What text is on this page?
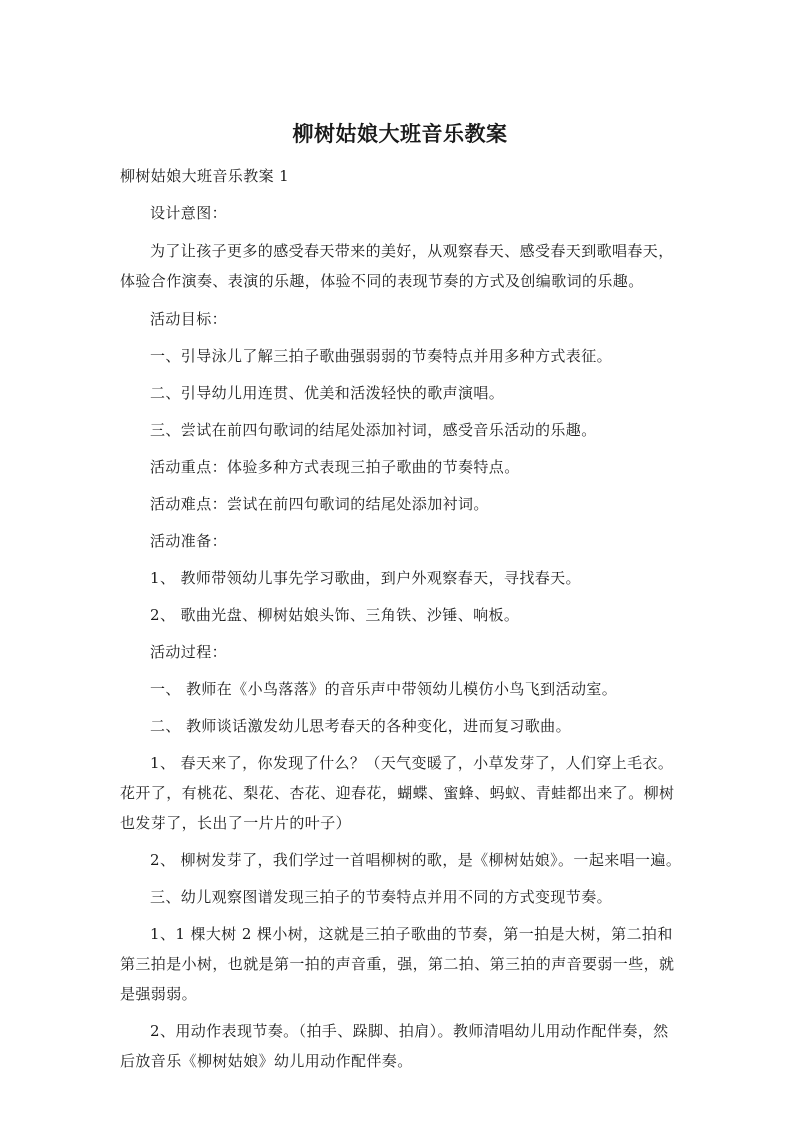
柳树姑娘大班音乐教案

柳树姑娘大班音乐教案 1

设计意图：

为了让孩子更多的感受春天带来的美好，从观察春天、感受春天到歌唱春天，体验合作演奏、表演的乐趣，体验不同的表现节奏的方式及创编歌词的乐趣。

活动目标：

一、引导泳儿了解三拍子歌曲强弱弱的节奏特点并用多种方式表征。

二、引导幼儿用连贯、优美和活泼轻快的歌声演唱。

三、尝试在前四句歌词的结尾处添加衬词，感受音乐活动的乐趣。

活动重点：体验多种方式表现三拍子歌曲的节奏特点。

活动难点：尝试在前四句歌词的结尾处添加衬词。

活动准备：

1、 教师带领幼儿事先学习歌曲，到户外观察春天，寻找春天。

2、 歌曲光盘、柳树姑娘头饰、三角铁、沙锤、响板。

活动过程：

一、 教师在《小鸟落落》的音乐声中带领幼儿模仿小鸟飞到活动室。

二、 教师谈话激发幼儿思考春天的各种变化，进而复习歌曲。

1、 春天来了，你发现了什么？（天气变暖了，小草发芽了，人们穿上毛衣。花开了，有桃花、梨花、杏花、迎春花，蝴蝶、蜜蜂、蚂蚁、青蛙都出来了。柳树也发芽了，长出了一片片的叶子）

2、 柳树发芽了，我们学过一首唱柳树的歌，是《柳树姑娘》。一起来唱一遍。

三、幼儿观察图谱发现三拍子的节奏特点并用不同的方式变现节奏。

1、1 棵大树 2 棵小树，这就是三拍子歌曲的节奏，第一拍是大树，第二拍和第三拍是小树，也就是第一拍的声音重，强，第二拍、第三拍的声音要弱一些，就是强弱弱。

2、用动作表现节奏。（拍手、跺脚、拍肩）。教师清唱幼儿用动作配伴奏，然后放音乐《柳树姑娘》幼儿用动作配伴奏。
